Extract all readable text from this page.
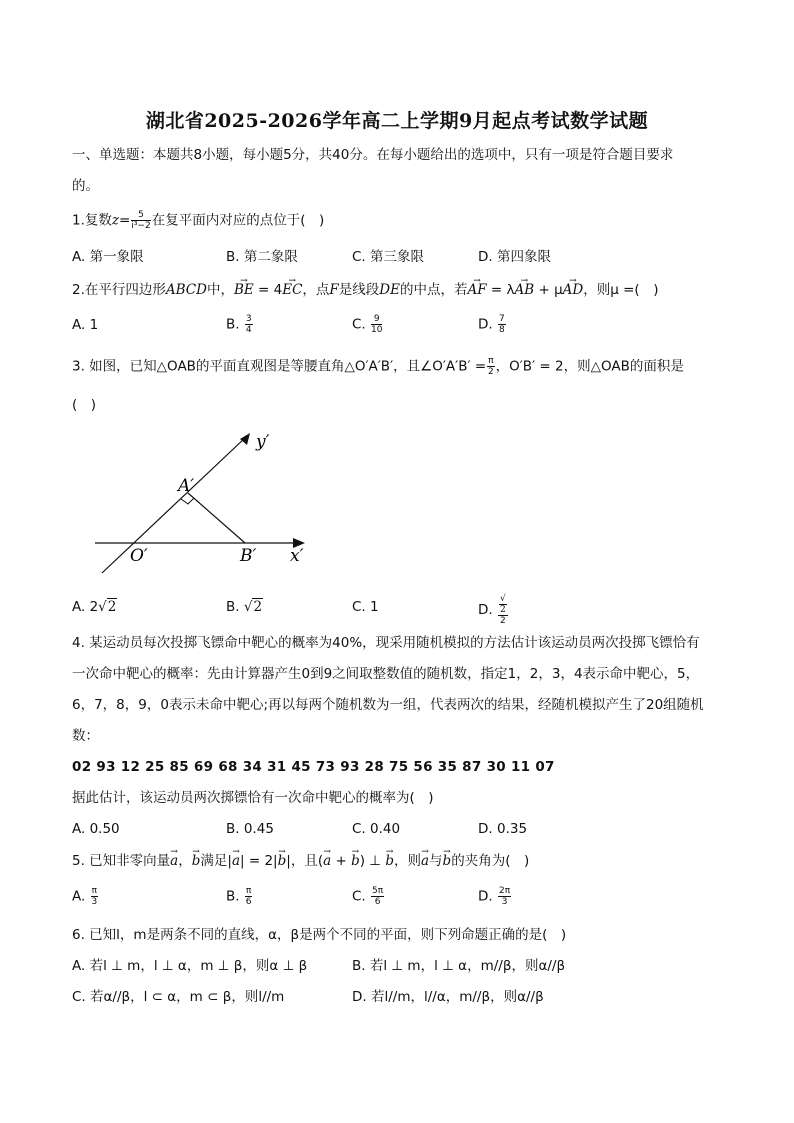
湖北省2025-2026学年高二上学期9月起点考试数学试题
一、单选题：本题共8小题，每小题5分，共40分。在每小题给出的选项中，只有一项是符合题目要求
的。
1.复数$z= \frac{5}{\text{i³−2}}$ 在复平面内对应的点位于(　)
A. 第一象限	B. 第二象限	C. 第三象限	D. 第四象限
2.在平行四边形ABCD中，→ BE = 4→ EC，点F是线段DE的中点，若→ AF = λ→ AB + μ→ AD，则μ =(　)
A. 1	B. $\frac{3}{4}$	C. $\frac{9}{10}$	D. $\frac{7}{8}$
3. 如图，已知△OAB的平面直观图是等腰直角△O′A′B′，且∠O′A′B′ = $\frac{\pi}{2}$ ，O′B′ = 2，则△OAB的面积是
(　)
y′
A′
O′	B′ x′
A. 2√2	B. √2	C. 1	D. √
2
2
4. 某运动员每次投掷飞镖命中靶心的概率为40%，现采用随机模拟的方法估计该运动员两次投掷飞镖恰有
一次命中靶心的概率：先由计算器产生0到9之间取整数值的随机数，指定1，2，3，4表示命中靶心，5，
6，7，8，9，0表示未命中靶心;再以每两个随机数为一组，代表两次的结果，经随机模拟产生了20组随机
数：
02 93 12 25 85 69 68 34 31 45 73 93 28 75 56 35 87 30 11 07
据此估计，该运动员两次掷镖恰有一次命中靶心的概率为(　)
A. 0.50	B. 0.45	C. 0.40	D. 0.35
5. 已知非零向量→ a，→ b满足|→ a| = 2|→ b|，且(→ a + → b) ⊥ → b，则→ a与→ b的夹角为(　)
A. $\frac{\pi}{3}$	B. $\frac{\pi}{6}$	C. $\frac{5\pi}{6}$	D. $\frac{2\pi}{3}$
6. 已知l，m是两条不同的直线，α，β是两个不同的平面，则下列命题正确的是(　)
A. 若l ⊥ m，l ⊥ α，m ⊥ β，则α ⊥ β	B. 若l ⊥ m，l ⊥ α，m//β，则α//β
C. 若α//β，l ⊂ α，m ⊂ β，则l//m	D. 若l//m，l//α，m//β，则α//β
